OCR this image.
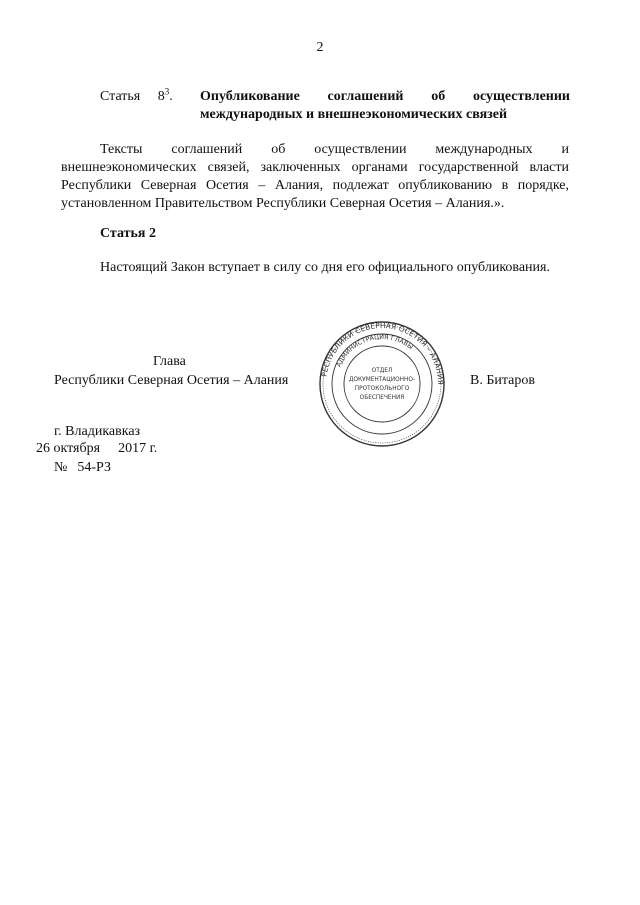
2
Статья $8^3$. Опубликование соглашений об осуществлении
международных и внешнеэкономических связей
Тексты соглашений об осуществлении международных и внешнеэкономических связей, заключенных органами государственной власти Республики Северная Осетия – Алания, подлежат опубликованию в порядке, установленном Правительством Республики Северная Осетия – Алания.».
Статья 2
Настоящий Закон вступает в силу со дня его официального опубликования.
Глава
Республики Северная Осетия – Алания	В. Битаров
РЕСПУБЛИКИ СЕВЕРНАЯ ОСЕТИЯ – АЛАНИЯ
АДМИНИСТРАЦИЯ ГЛАВЫ
ОТДЕЛ
ДОКУМЕНТАЦИОННО-
ПРОТОКОЛЬНОГО
ОБЕСПЕЧЕНИЯ
г. Владикавказ
26 октября 2017 г.
№ 54-РЗ
